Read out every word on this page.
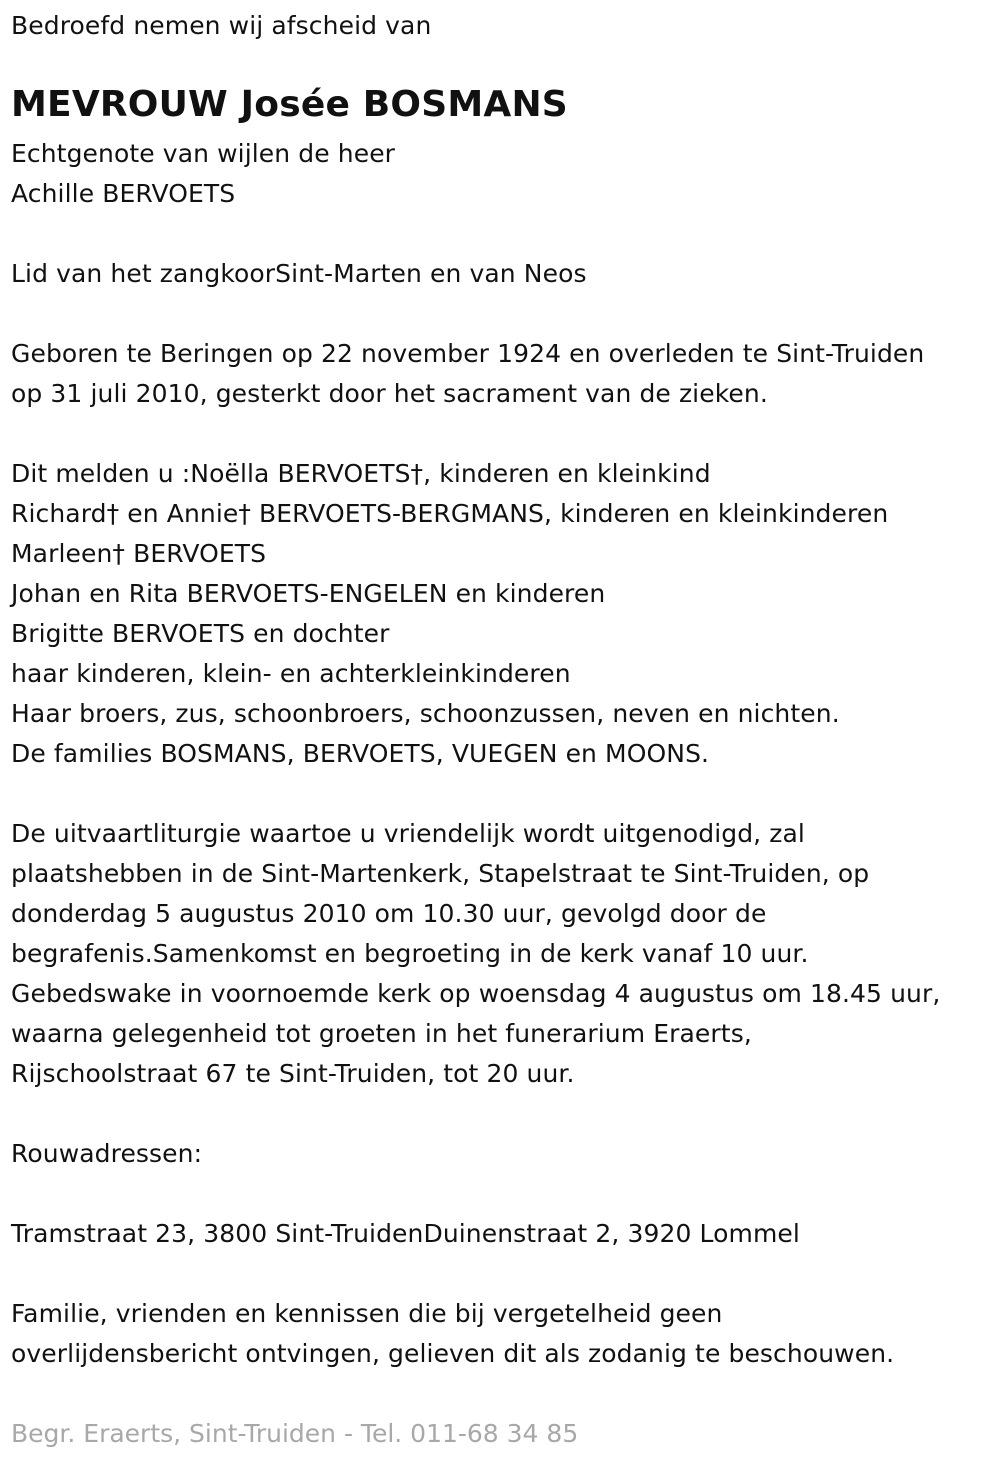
Bedroefd nemen wij afscheid van
MEVROUW Josée BOSMANS
Echtgenote van wijlen de heer
Achille BERVOETS
Lid van het zangkoorSint-Marten en van Neos
Geboren te Beringen op 22 november 1924 en overleden te Sint-Truiden
op 31 juli 2010, gesterkt door het sacrament van de zieken.
Dit melden u :Noëlla BERVOETS†, kinderen en kleinkind
Richard† en Annie† BERVOETS-BERGMANS, kinderen en kleinkinderen
Marleen† BERVOETS
Johan en Rita BERVOETS-ENGELEN en kinderen
Brigitte BERVOETS en dochter
haar kinderen, klein- en achterkleinkinderen
Haar broers, zus, schoonbroers, schoonzussen, neven en nichten.
De families BOSMANS, BERVOETS, VUEGEN en MOONS.
De uitvaartliturgie waartoe u vriendelijk wordt uitgenodigd, zal
plaatshebben in de Sint-Martenkerk, Stapelstraat te Sint-Truiden, op
donderdag 5 augustus 2010 om 10.30 uur, gevolgd door de
begrafenis.Samenkomst en begroeting in de kerk vanaf 10 uur.
Gebedswake in voornoemde kerk op woensdag 4 augustus om 18.45 uur,
waarna gelegenheid tot groeten in het funerarium Eraerts,
Rijschoolstraat 67 te Sint-Truiden, tot 20 uur.
Rouwadressen:
Tramstraat 23, 3800 Sint-TruidenDuinenstraat 2, 3920 Lommel
Familie, vrienden en kennissen die bij vergetelheid geen
overlijdensbericht ontvingen, gelieven dit als zodanig te beschouwen.
Begr. Eraerts, Sint-Truiden - Tel. 011-68 34 85
